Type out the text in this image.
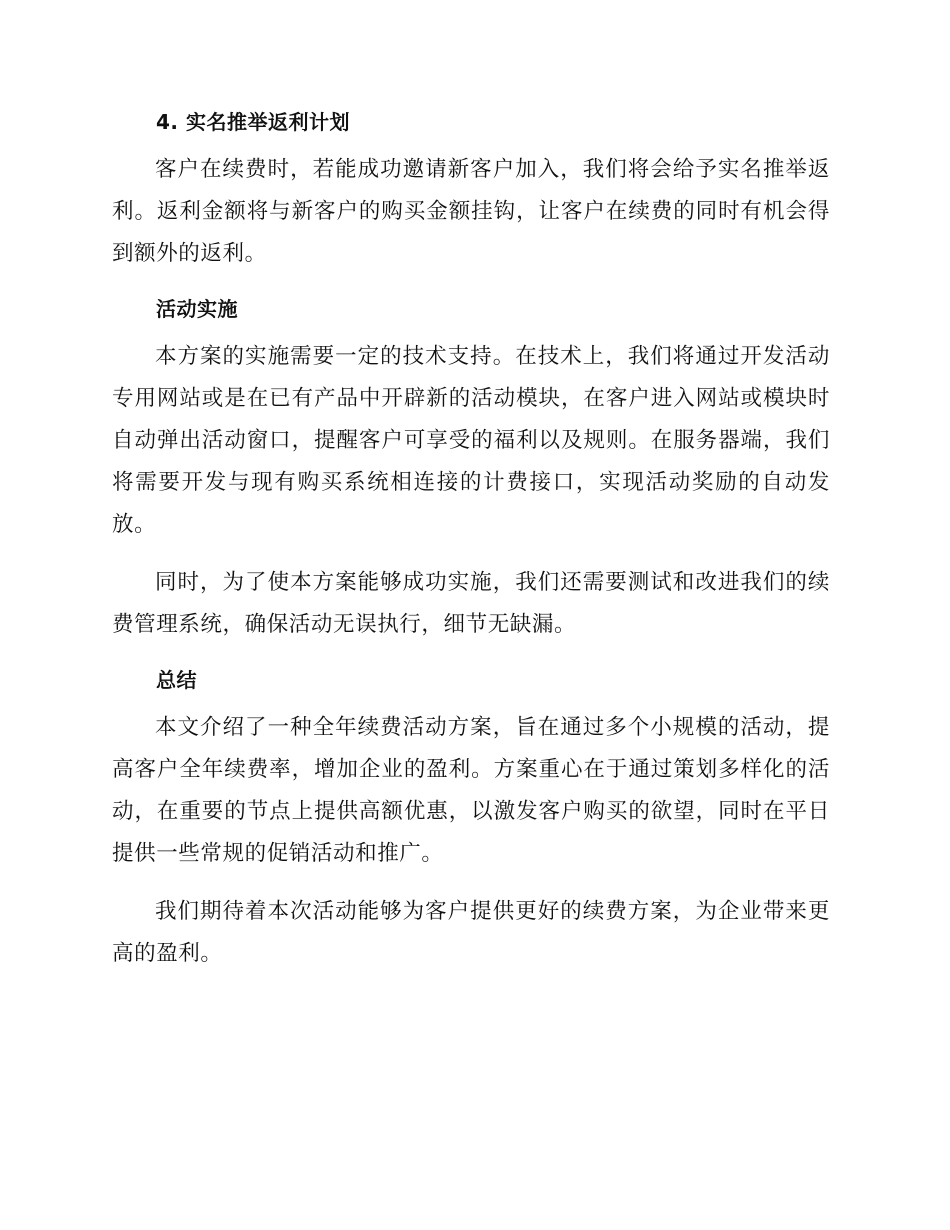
4. 实名推举返利计划

客户在续费时，若能成功邀请新客户加入，我们将会给予实名推举返利。返利金额将与新客户的购买金额挂钩，让客户在续费的同时有机会得到额外的返利。

活动实施

本方案的实施需要一定的技术支持。在技术上，我们将通过开发活动专用网站或是在已有产品中开辟新的活动模块，在客户进入网站或模块时自动弹出活动窗口，提醒客户可享受的福利以及规则。在服务器端，我们将需要开发与现有购买系统相连接的计费接口，实现活动奖励的自动发放。

同时，为了使本方案能够成功实施，我们还需要测试和改进我们的续费管理系统，确保活动无误执行，细节无缺漏。

总结

本文介绍了一种全年续费活动方案，旨在通过多个小规模的活动，提高客户全年续费率，增加企业的盈利。方案重心在于通过策划多样化的活动，在重要的节点上提供高额优惠，以激发客户购买的欲望，同时在平日提供一些常规的促销活动和推广。

我们期待着本次活动能够为客户提供更好的续费方案，为企业带来更高的盈利。
